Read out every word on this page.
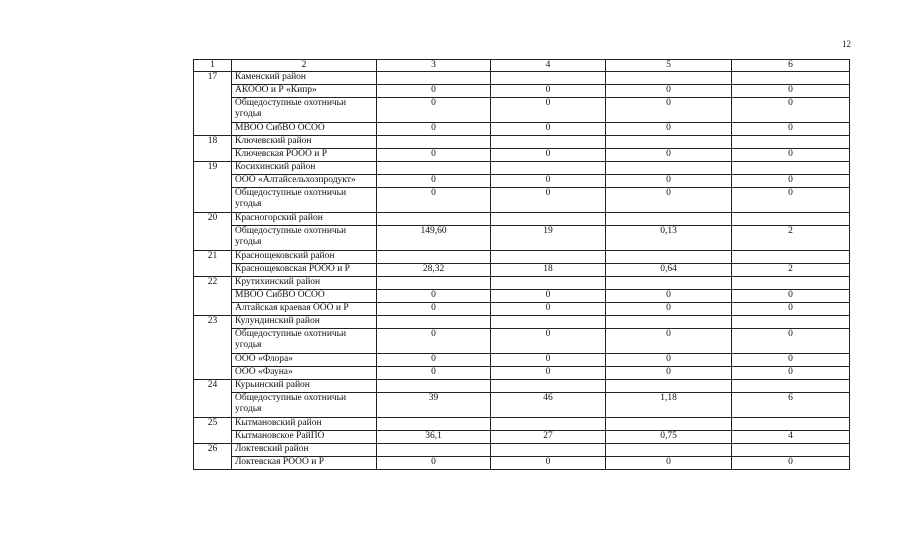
12
1	2	3	4	5	6
17	Каменский район				
	АКООО и Р «Кипр»	0	0	0	0
	Общедоступные охотничьи угодья	0	0	0	0
	МВОО СибВО ОСОО	0	0	0	0
18	Ключевский район				
	Ключевская РООО и Р	0	0	0	0
19	Косихинский район				
	ООО «Алтайсельхозпродукт»	0	0	0	0
	Общедоступные охотничьи угодья	0	0	0	0
20	Красногорский район				
	Общедоступные охотничьи угодья	149,60	19	0,13	2
21	Краснощековский район				
	Краснощековская РООО и Р	28,32	18	0,64	2
22	Крутихинский район				
	МВОО СибВО ОСОО	0	0	0	0
	Алтайская краевая ООО и Р	0	0	0	0
23	Кулундинский район				
	Общедоступные охотничьи угодья	0	0	0	0
	ООО «Флора»	0	0	0	0
	ООО «Фауна»	0	0	0	0
24	Курьинский район				
	Общедоступные охотничьи угодья	39	46	1,18	6
25	Кытмановский район				
	Кытмановское РайПО	36,1	27	0,75	4
26	Локтевский район				
	Локтевская РООО и Р	0	0	0	0
